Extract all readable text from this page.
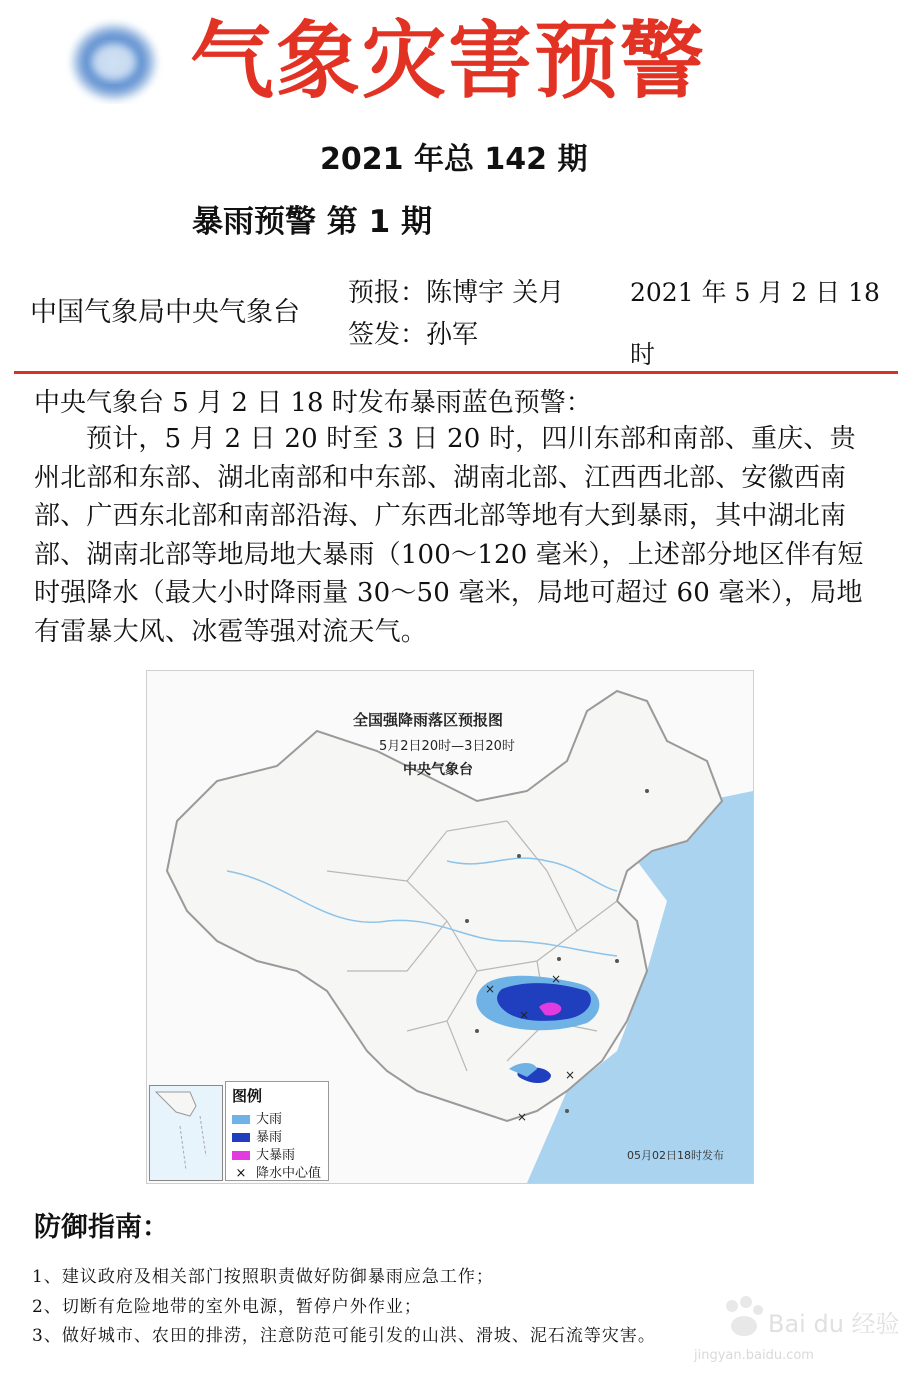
气象灾害预警
2021 年总 142 期
暴雨预警 第 1 期
中国气象局中央气象台
预报：陈博宇 关月
签发：孙军
2021 年 5 月 2 日 18 时
中央气象台 5 月 2 日 18 时发布暴雨蓝色预警：
预计，5 月 2 日 20 时至 3 日 20 时，四川东部和南部、重庆、贵州北部和东部、湖北南部和中东部、湖南北部、江西西北部、安徽西南部、广西东北部和南部沿海、广东西北部等地有大到暴雨，其中湖北南部、湖南北部等地局地大暴雨（100～120 毫米），上述部分地区伴有短时强降水（最大小时降雨量 30～50 毫米，局地可超过 60 毫米），局地有雷暴大风、冰雹等强对流天气。
×
×
×
×
×
全国强降雨落区预报图
5月2日20时—3日20时
中央气象台
图例
大雨
暴雨
大暴雨
× 降水中心值
05月02日18时发布
防御指南：
1、建议政府及相关部门按照职责做好防御暴雨应急工作；
2、切断有危险地带的室外电源，暂停户外作业；
3、做好城市、农田的排涝，注意防范可能引发的山洪、滑坡、泥石流等灾害。	Bai du 经验
jingyan.baidu.com
